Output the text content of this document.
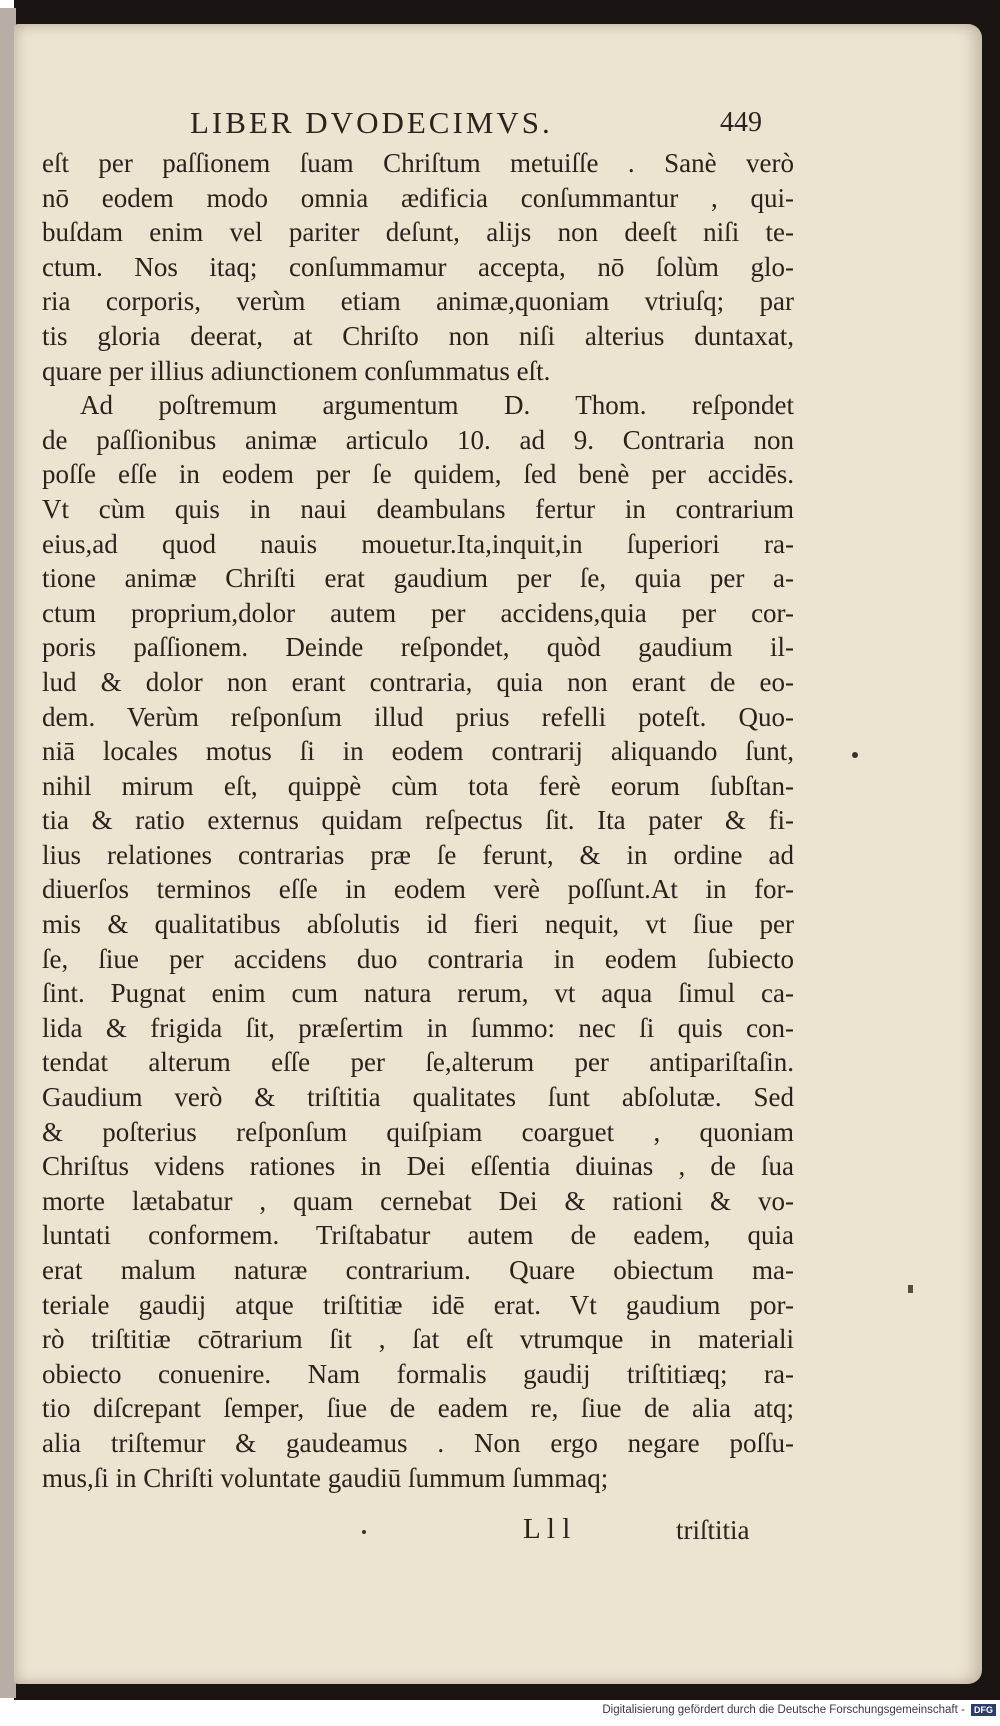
LIBER DVODECIMVS.	449
eſt per paſſionem ſuam Chriſtum metuiſſe . Sanè verò
nō eodem modo omnia ædificia conſummantur , qui-
buſdam enim vel pariter deſunt, alijs non deeſt niſi te-
ctum. Nos itaq; conſummamur accepta, nō ſolùm glo-
ria corporis, verùm etiam animæ,quoniam vtriuſq; par
tis gloria deerat, at Chriſto non niſi alterius duntaxat,
quare per illius adiunctionem conſummatus eſt.
Ad poſtremum argumentum D. Thom. reſpondet
de paſſionibus animæ articulo 10. ad 9. Contraria non
poſſe eſſe in eodem per ſe quidem, ſed benè per accidēs.
Vt cùm quis in naui deambulans fertur in contrarium
eius,ad quod nauis mouetur.Ita,inquit,in ſuperiori ra-
tione animæ Chriſti erat gaudium per ſe, quia per a-
ctum proprium,dolor autem per accidens,quia per cor-
poris paſſionem. Deinde reſpondet, quòd gaudium il-
lud & dolor non erant contraria, quia non erant de eo-
dem. Verùm reſponſum illud prius refelli poteſt. Quo-
niā locales motus ſi in eodem contrarij aliquando ſunt,
nihil mirum eſt, quippè cùm tota ferè eorum ſubſtan-
tia & ratio externus quidam reſpectus ſit. Ita pater & fi-
lius relationes contrarias præ ſe ferunt, & in ordine ad
diuerſos terminos eſſe in eodem verè poſſunt.At in for-
mis & qualitatibus abſolutis id fieri nequit, vt ſiue per
ſe, ſiue per accidens duo contraria in eodem ſubiecto
ſint. Pugnat enim cum natura rerum, vt aqua ſimul ca-
lida & frigida ſit, præſertim in ſummo: nec ſi quis con-
tendat alterum eſſe per ſe,alterum per antipariſtaſin.
Gaudium verò & triſtitia qualitates ſunt abſolutæ. Sed
& poſterius reſponſum quiſpiam coarguet , quoniam
Chriſtus videns rationes in Dei eſſentia diuinas , de ſua
morte lætabatur , quam cernebat Dei & rationi & vo-
luntati conformem. Triſtabatur autem de eadem, quia
erat malum naturæ contrarium. Quare obiectum ma-
teriale gaudij atque triſtitiæ idē erat. Vt gaudium por-
rò triſtitiæ cōtrarium ſit , ſat eſt vtrumque in materiali
obiecto conuenire. Nam formalis gaudij triſtitiæq; ra-
tio diſcrepant ſemper, ſiue de eadem re, ſiue de alia atq;
alia triſtemur & gaudeamus . Non ergo negare poſſu-
mus,ſi in Chriſti voluntate gaudiū ſummum ſummaq;
L l l	triſtitia
Digitalisierung gefördert durch die Deutsche Forschungsgemeinschaft - DFG
